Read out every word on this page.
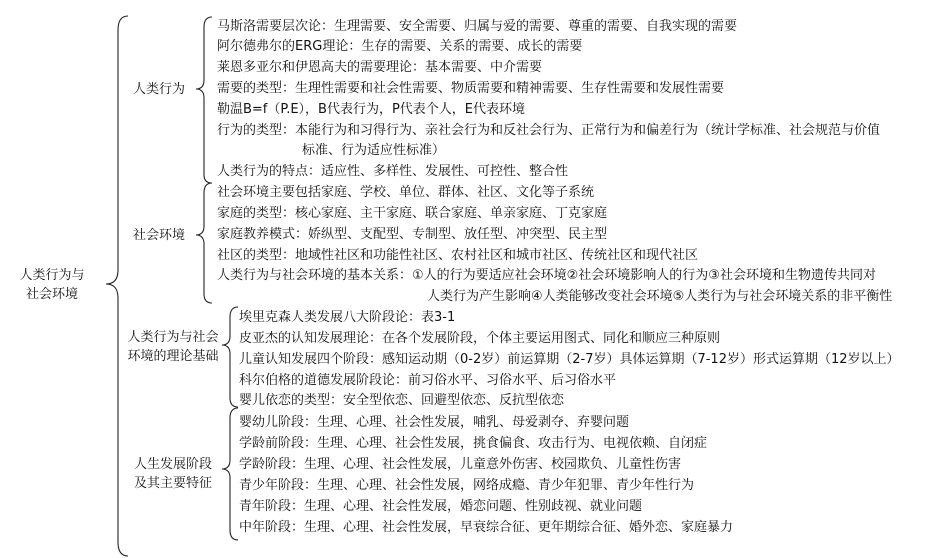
人类行为与
社会环境
人类行为
社会环境
人类行为与社会
环境的理论基础
人生发展阶段
及其主要特征
马斯洛需要层次论：生理需要、安全需要、归属与爱的需要、尊重的需要、自我实现的需要
阿尔德弗尔的ERG理论：生存的需要、关系的需要、成长的需要
莱恩多亚尔和伊恩高夫的需要理论：基本需要、中介需要
需要的类型：生理性需要和社会性需要、物质需要和精神需要、生存性需要和发展性需要
勒温B=f（P.E），B代表行为，P代表个人，E代表环境
行为的类型：本能行为和习得行为、亲社会行为和反社会行为、正常行为和偏差行为（统计学标准、社会规范与价值
标准、行为适应性标准）
人类行为的特点：适应性、多样性、发展性、可控性、整合性
社会环境主要包括家庭、学校、单位、群体、社区、文化等子系统
家庭的类型：核心家庭、主干家庭、联合家庭、单亲家庭、丁克家庭
家庭教养模式：娇纵型、支配型、专制型、放任型、冲突型、民主型
社区的类型：地域性社区和功能性社区、农村社区和城市社区、传统社区和现代社区
人类行为与社会环境的基本关系：①人的行为要适应社会环境②社会环境影响人的行为③社会环境和生物遗传共同对
人类行为产生影响④人类能够改变社会环境⑤人类行为与社会环境关系的非平衡性
埃里克森人类发展八大阶段论：表3-1
皮亚杰的认知发展理论：在各个发展阶段，个体主要运用图式、同化和顺应三种原则
儿童认知发展四个阶段：感知运动期（0-2岁）前运算期（2-7岁）具体运算期（7-12岁）形式运算期（12岁以上）
科尔伯格的道德发展阶段论：前习俗水平、习俗水平、后习俗水平
婴儿依恋的类型：安全型依恋、回避型依恋、反抗型依恋
婴幼儿阶段：生理、心理、社会性发展，哺乳、母爱剥夺、弃婴问题
学龄前阶段：生理、心理、社会性发展，挑食偏食、攻击行为、电视依赖、自闭症
学龄阶段：生理、心理、社会性发展，儿童意外伤害、校园欺负、儿童性伤害
青少年阶段：生理、心理、社会性发展，网络成瘾、青少年犯罪、青少年性行为
青年阶段：生理、心理、社会性发展，婚恋问题、性别歧视、就业问题
中年阶段：生理、心理、社会性发展，早衰综合征、更年期综合征、婚外恋、家庭暴力
